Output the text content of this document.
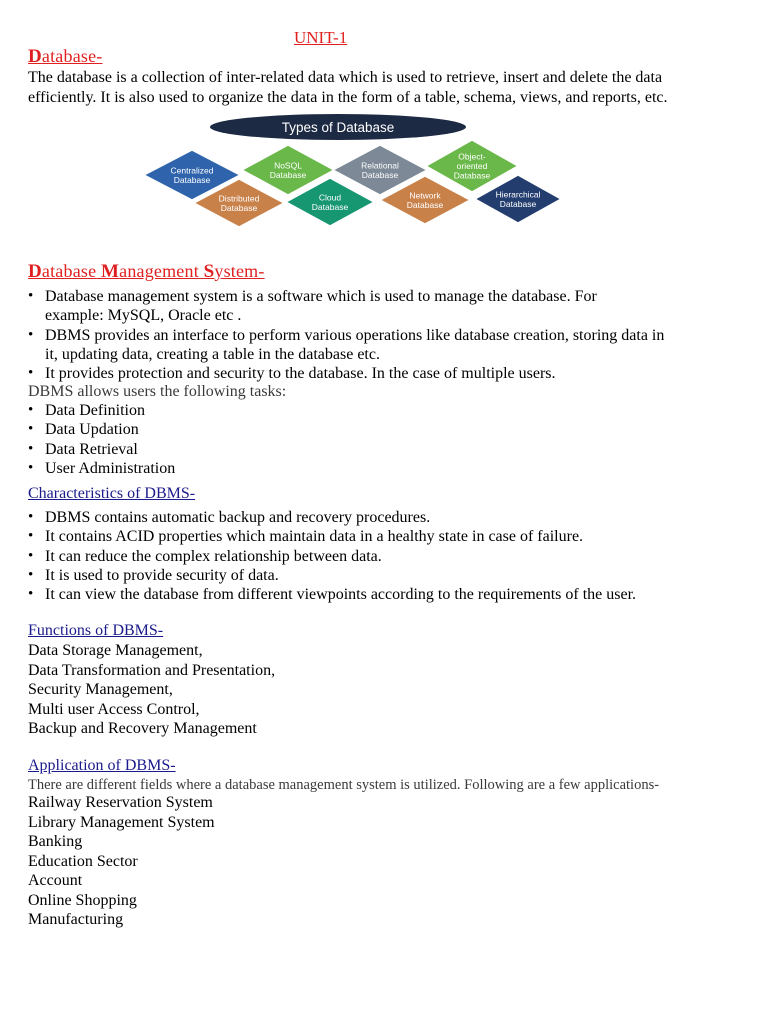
UNIT-1
Database-
The database is a collection of inter-related data which is used to retrieve, insert and delete the data
efficiently. It is also used to organize the data in the form of a table, schema, views, and reports, etc.
Types of Database
Centralized
Database
NoSQL
Database
Relational
Database
Object-
oriented
Database
Distributed
Database
Cloud
Database
Network
Database
Hierarchical
Database
Database Management System-
• Database management system is a software which is used to manage the database. For
example: MySQL, Oracle etc .
• DBMS provides an interface to perform various operations like database creation, storing data in
it, updating data, creating a table in the database etc.
• It provides protection and security to the database. In the case of multiple users.
DBMS allows users the following tasks:
• Data Definition
• Data Updation
• Data Retrieval
• User Administration
Characteristics of DBMS-
• DBMS contains automatic backup and recovery procedures.
• It contains ACID properties which maintain data in a healthy state in case of failure.
• It can reduce the complex relationship between data.
• It is used to provide security of data.
• It can view the database from different viewpoints according to the requirements of the user.
Functions of DBMS-
Data Storage Management,
Data Transformation and Presentation,
Security Management,
Multi user Access Control,
Backup and Recovery Management
Application of DBMS-
There are different fields where a database management system is utilized. Following are a few applications-
Railway Reservation System
Library Management System
Banking
Education Sector
Account
Online Shopping
Manufacturing
